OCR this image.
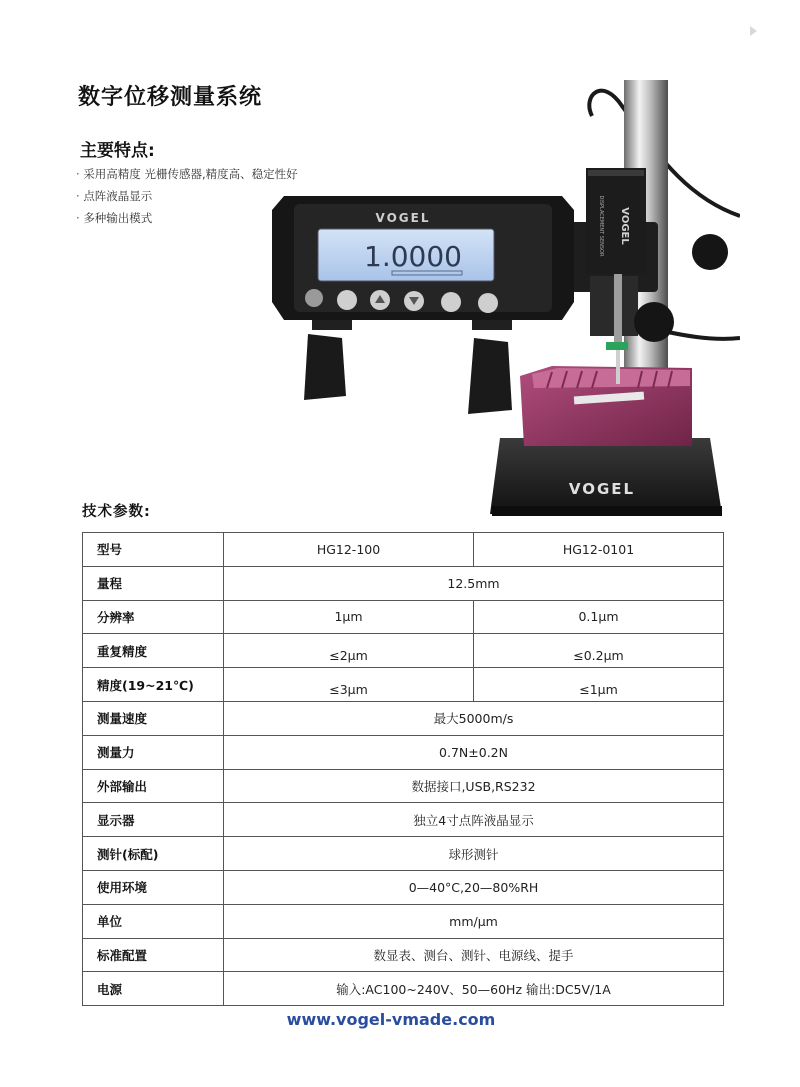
数字位移测量系统
主要特点:
· 采用高精度 光栅传感器,精度高、稳定性好
· 点阵液晶显示
· 多种输出模式
VOGEL
VOGEL
DISPLACEMENT SENSOR
VOGEL
1.0000
技术参数:
型号	HG12-100	HG12-0101
量程	12.5mm	
分辨率	1μm	0.1μm
重复精度	≤2μm	≤0.2μm
精度(19~21℃)	≤3μm	≤1μm
测量速度	最大5000m/s	
测量力	0.7N±0.2N	
外部输出	数据接口,USB,RS232	
显示器	独立4寸点阵液晶显示	
测针(标配)	球形测针	
使用环境	0—40°C,20—80%RH	
单位	mm/μm	
标准配置	数显表、测台、测针、电源线、提手	
电源	输入:AC100~240V、50—60Hz 输出:DC5V/1A	
www.vogel-vmade.com
